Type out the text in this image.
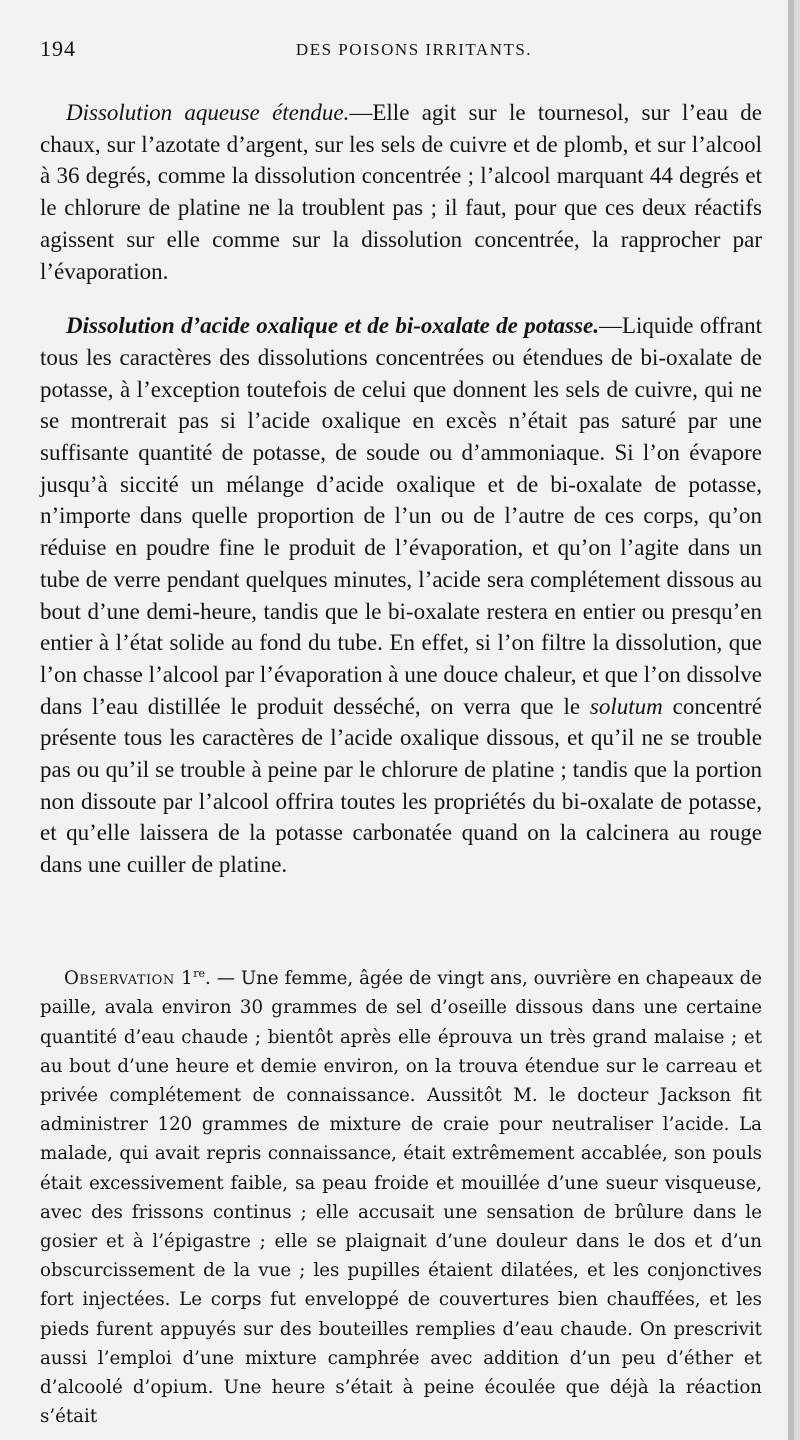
194	DES POISONS IRRITANTS.

Dissolution aqueuse étendue.—Elle agit sur le tournesol, sur l’eau de chaux, sur l’azotate d’argent, sur les sels de cuivre et de plomb, et sur l’alcool à 36 degrés, comme la dissolution concentrée ; l’alcool marquant 44 degrés et le chlorure de platine ne la troublent pas ; il faut, pour que ces deux réactifs agissent sur elle comme sur la dissolution concentrée, la rapprocher par l’évaporation.

Dissolution d’acide oxalique et de bi-oxalate de potasse.—Liquide offrant tous les caractères des dissolutions concentrées ou étendues de bi-oxalate de potasse, à l’exception toutefois de celui que donnent les sels de cuivre, qui ne se montrerait pas si l’acide oxalique en excès n’était pas saturé par une suffisante quantité de potasse, de soude ou d’ammoniaque. Si l’on évapore jusqu’à siccité un mélange d’acide oxalique et de bi-oxalate de potasse, n’importe dans quelle proportion de l’un ou de l’autre de ces corps, qu’on réduise en poudre fine le produit de l’évaporation, et qu’on l’agite dans un tube de verre pendant quelques minutes, l’acide sera complétement dissous au bout d’une demi-heure, tandis que le bi-oxalate restera en entier ou presqu’en entier à l’état solide au fond du tube. En effet, si l’on filtre la dissolution, que l’on chasse l’alcool par l’évaporation à une douce chaleur, et que l’on dissolve dans l’eau distillée le produit desséché, on verra que le solutum concentré présente tous les caractères de l’acide oxalique dissous, et qu’il ne se trouble pas ou qu’il se trouble à peine par le chlorure de platine ; tandis que la portion non dissoute par l’alcool offrira toutes les propriétés du bi-oxalate de potasse, et qu’elle laissera de la potasse carbonatée quand on la calcinera au rouge dans une cuiller de platine.

Observation 1re. — Une femme, âgée de vingt ans, ouvrière en chapeaux de paille, avala environ 30 grammes de sel d’oseille dissous dans une certaine quantité d’eau chaude ; bientôt après elle éprouva un très grand malaise ; et au bout d’une heure et demie environ, on la trouva étendue sur le carreau et privée complétement de connaissance. Aussitôt M. le docteur Jackson fit administrer 120 grammes de mixture de craie pour neutraliser l’acide. La malade, qui avait repris connaissance, était extrêmement accablée, son pouls était excessivement faible, sa peau froide et mouillée d’une sueur visqueuse, avec des frissons continus ; elle accusait une sensation de brûlure dans le gosier et à l’épigastre ; elle se plaignait d’une douleur dans le dos et d’un obscurcissement de la vue ; les pupilles étaient dilatées, et les conjonctives fort injectées. Le corps fut enveloppé de couvertures bien chauffées, et les pieds furent appuyés sur des bouteilles remplies d’eau chaude. On prescrivit aussi l’emploi d’une mixture camphrée avec addition d’un peu d’éther et d’alcoolé d’opium. Une heure s’était à peine écoulée que déjà la réaction s’était
